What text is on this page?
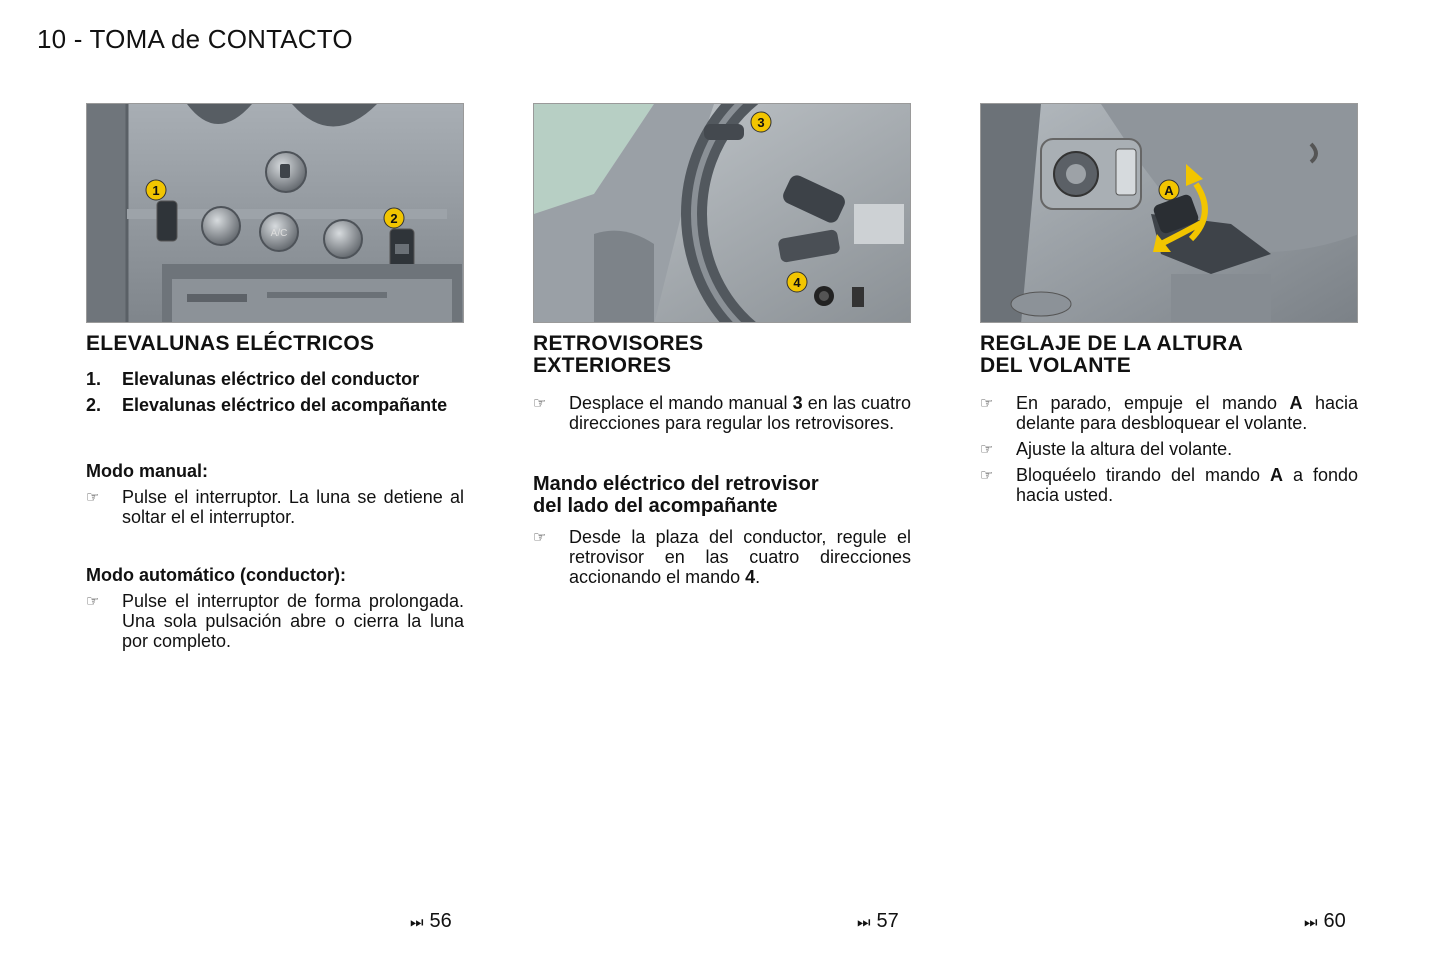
10 - TOMA de CONTACTO
A/C
1
2
ELEVALUNAS ELÉCTRICOS
1. Elevalunas eléctrico del conductor
2. Elevalunas eléctrico del acompañante
Modo manual:
☞ Pulse el interruptor. La luna se detiene al soltar el el interruptor.
Modo automático (conductor):
☞ Pulse el interruptor de forma prolongada. Una sola pulsación abre o cierra la luna por completo.
3
4
RETROVISORES
EXTERIORES
☞ Desplace el mando manual 3 en las cuatro direcciones para regular los retrovisores.
Mando eléctrico del retrovisor
del lado del acompañante
☞ Desde la plaza del conductor, regule el retrovisor en las cuatro direcciones accionando el mando 4.
A
REGLAJE DE LA ALTURA
DEL VOLANTE
☞ En parado, empuje el mando A hacia delante para desbloquear el volante.
☞ Ajuste la altura del volante.
☞ Bloquéelo tirando del mando A a fondo hacia usted.
⏭ 56	⏭ 57	⏭ 60
